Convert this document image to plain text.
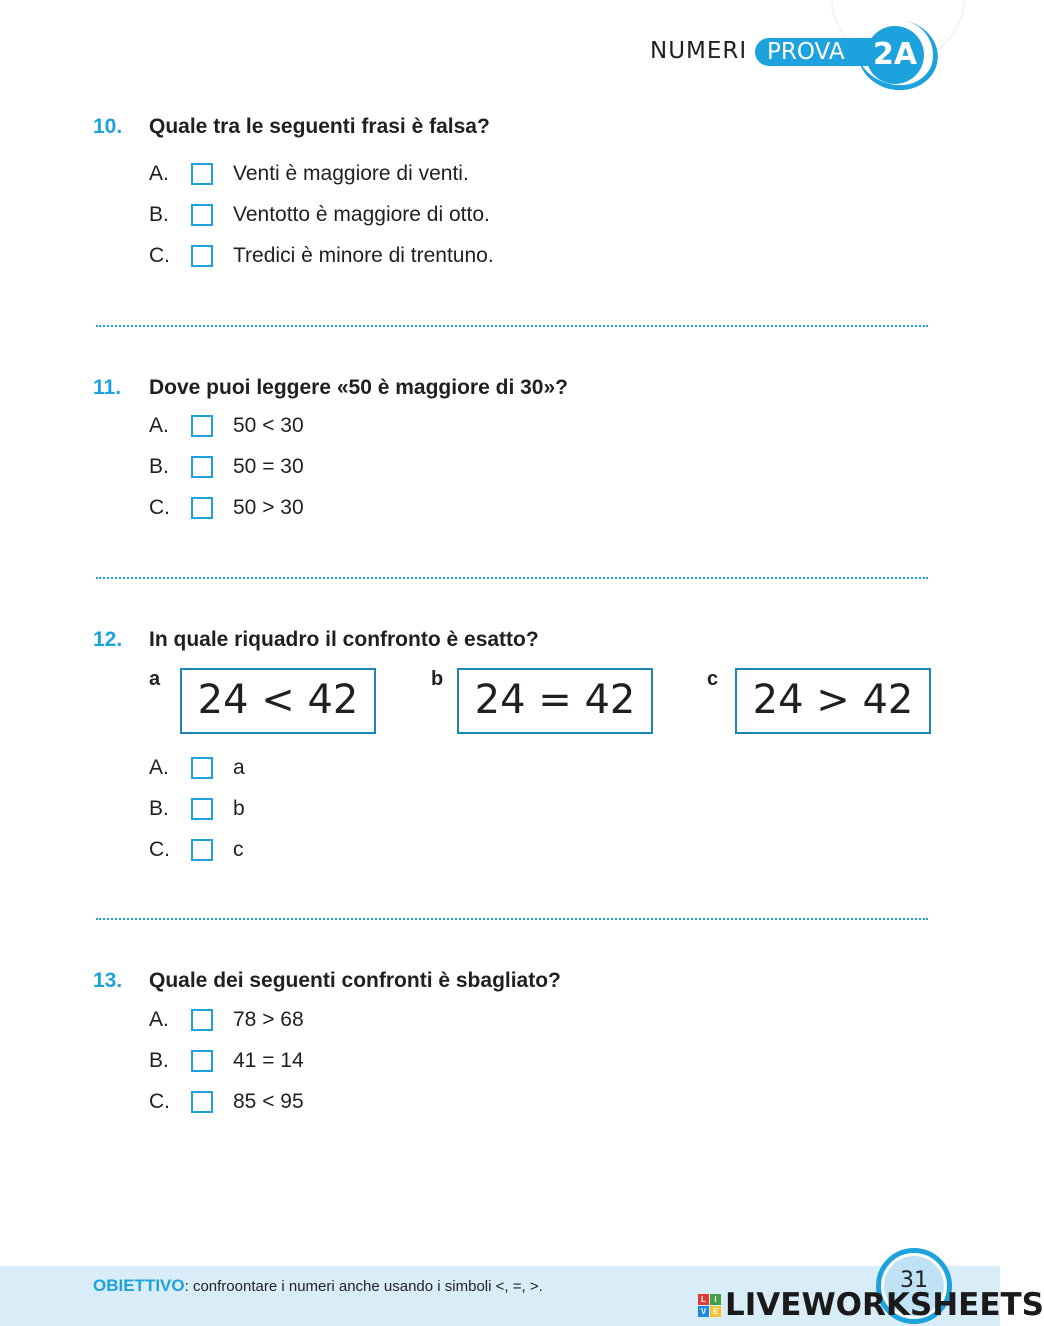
NUMERI PROVA 2A
10. Quale tra le seguenti frasi è falsa?
A.	Venti è maggiore di venti.
B.	Ventotto è maggiore di otto.
C.	Tredici è minore di trentuno.
11. Dove puoi leggere «50 è maggiore di 30»?
A.	50 < 30
B.	50 = 30
C.	50 > 30
12. In quale riquadro il confronto è esatto?
a 24 < 42	b 24 = 42	c 24 > 42
A.	a
B.	b
C.	c
13. Quale dei seguenti confronti è sbagliato?
A.	78 > 68
B.	41 = 14
C.	85 < 95
OBIETTIVO: confroontare i numeri anche usando i simboli <, =, >.	31
L	I
V E LIVEWORKSHEETS
